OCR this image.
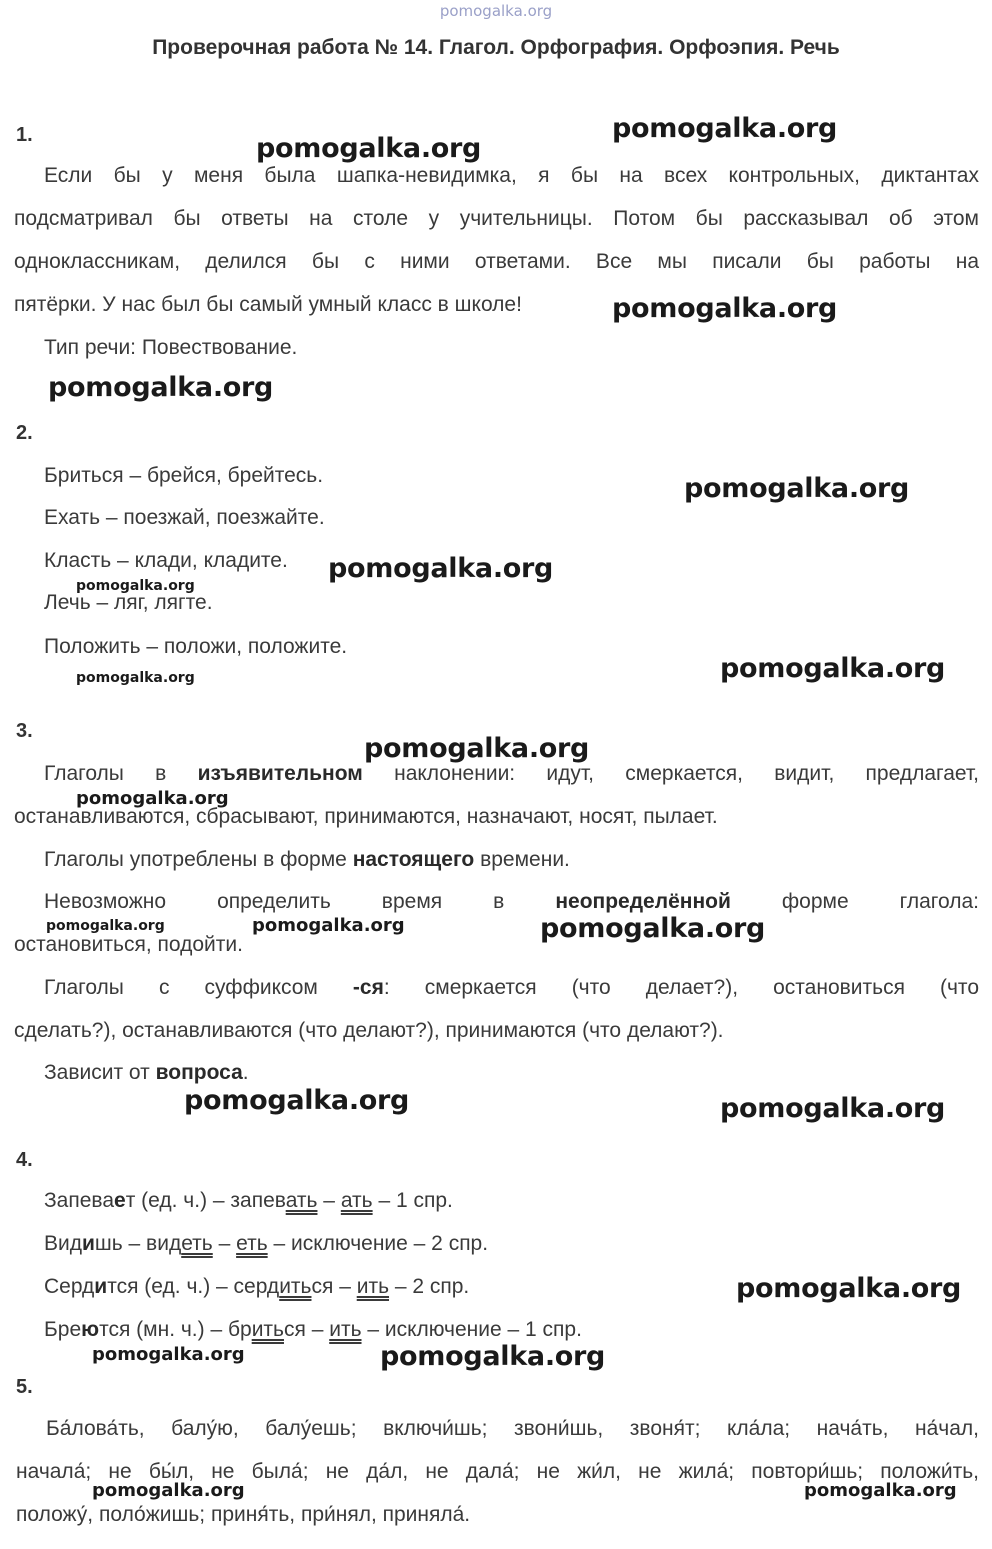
pomogalka.org
Проверочная работа № 14. Глагол. Орфография. Орфоэпия. Речь
1.
Если бы у меня была шапка-невидимка, я бы на всех контрольных, диктантах
подсматривал бы ответы на столе у учительницы. Потом бы рассказывал об этом
одноклассникам, делился бы с ними ответами. Все мы писали бы работы на
пятёрки. У нас был бы самый умный класс в школе!
Тип речи: Повествование.
2.
Бриться – брейся, брейтесь.
Ехать – поезжай, поезжайте.
Класть – клади, кладите.
Лечь – ляг, лягте.
Положить – положи, положите.
3.
Глаголы в изъявительном наклонении: идут, смеркается, видит, предлагает,
останавливаются, сбрасывают, принимаются, назначают, носят, пылает.
Глаголы употреблены в форме настоящего времени.
Невозможно определить время в неопределённой форме глагола:
остановиться, подойти.
Глаголы с суффиксом -ся: смеркается (что делает?), остановиться (что
сделать?), останавливаются (что делают?), принимаются (что делают?).
Зависит от вопроса.
4.
Запевает (ед. ч.) – запевать – ать – 1 спр.
Видишь – видеть – еть – исключение – 2 спр.
Сердится (ед. ч.) – сердиться – ить – 2 спр.
Бреются (мн. ч.) – бриться – ить – исключение – 1 спр.
5.
Ба́лова́ть, балу́ю, балу́ешь; включи́шь; звони́шь, звоня́т; кла́ла; нача́ть, на́чал,
начала́; не бы́л, не была́; не да́л, не дала́; не жи́л, не жила́; повтори́шь; положи́ть,
положу́, поло́жишь; приня́ть, при́нял, приняла́.
pomogalka.org
pomogalka.org
pomogalka.org
pomogalka.org
pomogalka.org
pomogalka.org
pomogalka.org
pomogalka.org
pomogalka.org
pomogalka.org	pomogalka.org
pomogalka.org
pomogalka.org
pomogalka.org
pomogalka.org
pomogalka.org
pomogalka.org	pomogalka.org
pomogalka.org
pomogalka.org	pomogalka.org
